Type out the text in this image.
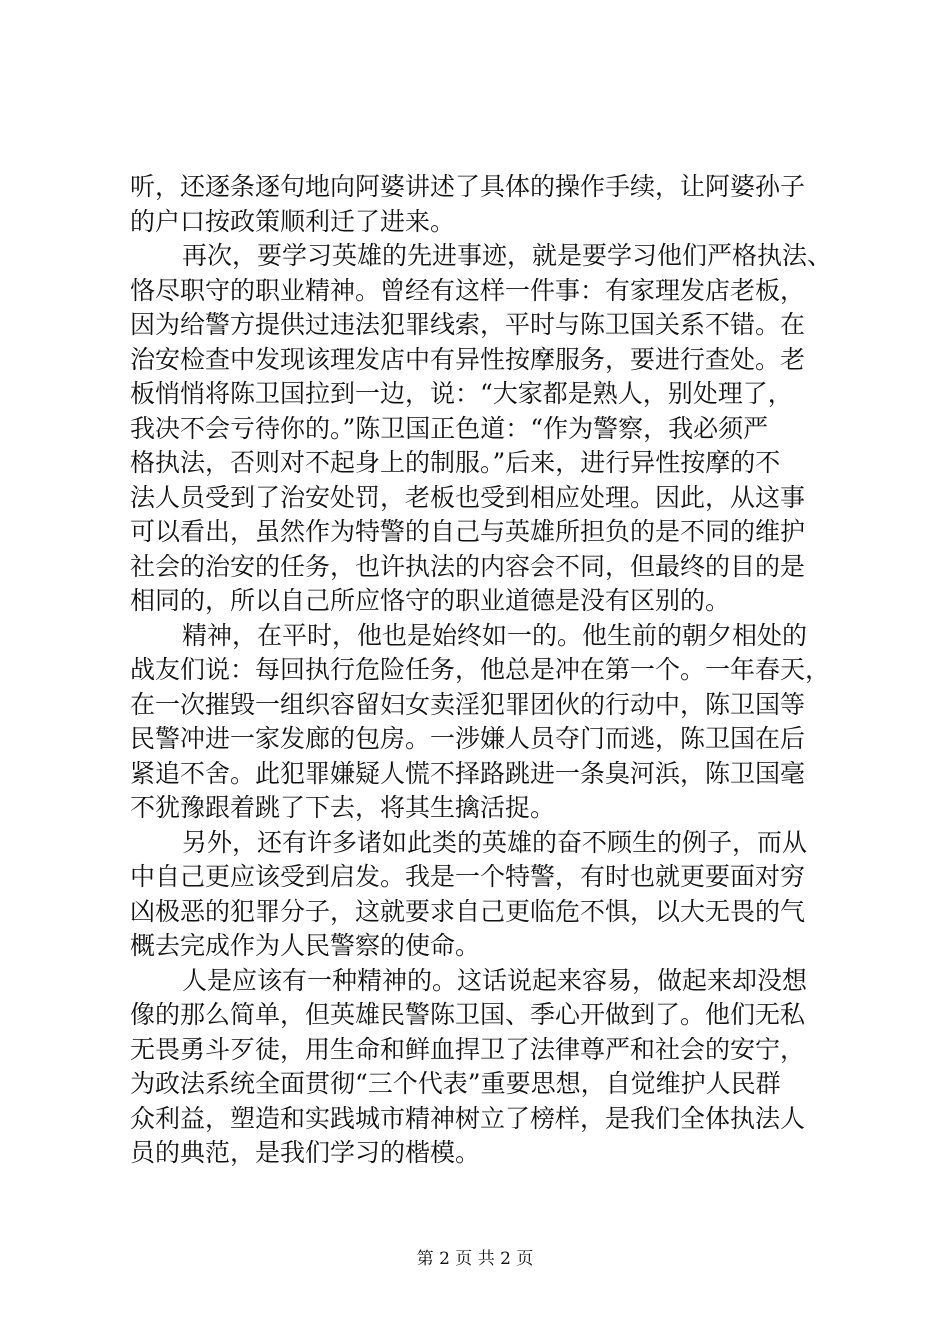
听，还逐条逐句地向阿婆讲述了具体的操作手续，让阿婆孙子
的户口按政策顺利迁了进来。
再次，要学习英雄的先进事迹，就是要学习他们严格执法、
恪尽职守的职业精神。曾经有这样一件事：有家理发店老板，
因为给警方提供过违法犯罪线索，平时与陈卫国关系不错。在
治安检查中发现该理发店中有异性按摩服务，要进行查处。老
板悄悄将陈卫国拉到一边，说：“大家都是熟人，别处理了，
我决不会亏待你的。”陈卫国正色道：“作为警察，我必须严
格执法，否则对不起身上的制服。”后来，进行异性按摩的不
法人员受到了治安处罚，老板也受到相应处理。因此，从这事
可以看出，虽然作为特警的自己与英雄所担负的是不同的维护
社会的治安的任务，也许执法的内容会不同，但最终的目的是
相同的，所以自己所应恪守的职业道德是没有区别的。
精神，在平时，他也是始终如一的。他生前的朝夕相处的
战友们说：每回执行危险任务，他总是冲在第一个。一年春天，
在一次摧毁一组织容留妇女卖淫犯罪团伙的行动中，陈卫国等
民警冲进一家发廊的包房。一涉嫌人员夺门而逃，陈卫国在后
紧追不舍。此犯罪嫌疑人慌不择路跳进一条臭河浜，陈卫国毫
不犹豫跟着跳了下去，将其生擒活捉。
另外，还有许多诸如此类的英雄的奋不顾生的例子，而从
中自己更应该受到启发。我是一个特警，有时也就更要面对穷
凶极恶的犯罪分子，这就要求自己更临危不惧，以大无畏的气
概去完成作为人民警察的使命。
人是应该有一种精神的。这话说起来容易，做起来却没想
像的那么简单，但英雄民警陈卫国、季心开做到了。他们无私
无畏勇斗歹徒，用生命和鲜血捍卫了法律尊严和社会的安宁，
为政法系统全面贯彻“三个代表”重要思想，自觉维护人民群
众利益，塑造和实践城市精神树立了榜样，是我们全体执法人
员的典范，是我们学习的楷模。
第 2 页 共 2 页
